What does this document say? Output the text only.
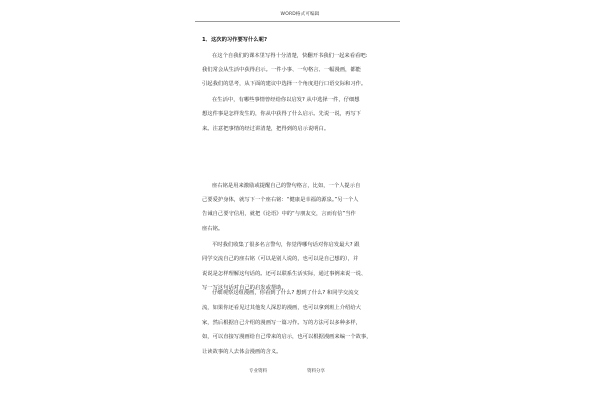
WORD格式可编辑
1．这次的习作要写什么呢?
在这个自我们的课本里写得十分清楚，快翻开书我们一起来看看吧:
我们常会从生活中获得启示。一件小事、一句格言、一幅漫画，都能
引起我们的思考，从下面的建议中选择一个角度进行口语交际和习作。
在生活中，有哪些事情曾经给你以启发? 从中选择一件，仔细想
想这件事是怎样发生的，你从中获得了什么启示。先说一说，再写下
来。注意把事情的经过讲清楚，把得到的启示说明白。
座右铭是用来激励或提醒自己的警句格言，比如，一个人提示自
己要爱护身体，就写下一个座右铭：“健康是幸福的源泉。”另一个人
告诫自己要守信用，就把《论语》中的“与朋友交，言而有信”当作
座右铭。
平时我们收集了很多名言警句，你觉得哪句话对你启发最大? 跟
同学交流自己的座右铭（可以是别人说的，也可以是自己想的），并
说说是怎样理解这句话的。还可以联系生活实际，通过事例来说一说、
写一写这句话对自己的启发或帮助。
仔细观察这组漫画，你看到了什么? 想到了什么? 和同学交流交
流，如果你还看见过其他发人深思的漫画，也可以拿到班上介绍给大
家，然后根据自己介绍的漫画写一篇习作。写的方法可以多种多样，
如，可以直接写漫画给自己带来的启示，也可以根据漫画来编一个故事，
让读故事的人去体会漫画的含义。
专业资料	资料分享
